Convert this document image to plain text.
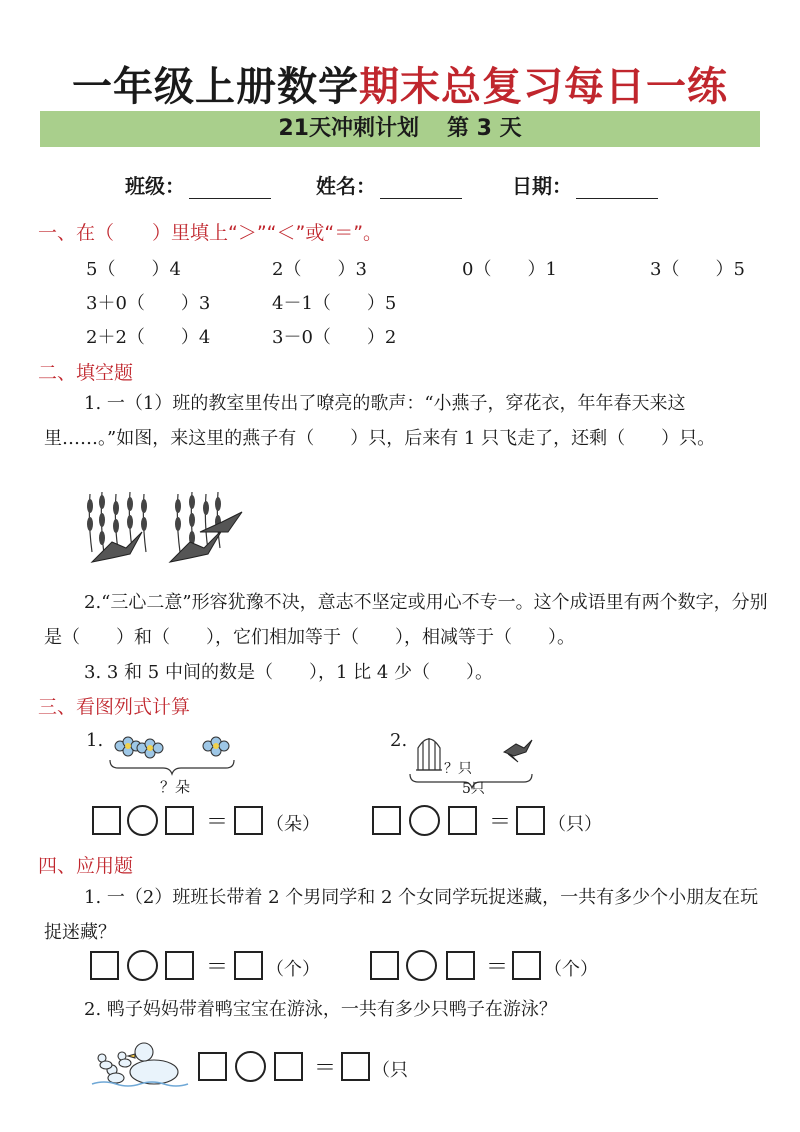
一年级上册数学期末总复习每日一练
21天冲刺计划 第 3 天
班级：	姓名：	日期：
一、在（　　）里填上“＞”“＜”或“＝”。
5（　　）4	2（　　）3	0（　　）1	3（　　）5
3＋0（　　）3	4－1（　　）5
2＋2（　　）4	3－0（　　）2
二、填空题
1. 一（1）班的教室里传出了嘹亮的歌声：“小燕子，穿花衣，年年春天来这里……。”如图，来这里的燕子有（　　）只，后来有 1 只飞走了，还剩（　　）只。
2.“三心二意”形容犹豫不决，意志不坚定或用心不专一。这个成语里有两个数字，分别是（　　）和（　　），它们相加等于（　　），相减等于（　　）。
3. 3 和 5 中间的数是（　　），1 比 4 少（　　）。
三、看图列式计算
1.
？朵
2.
？只
5只
＝ （朵）	＝ （只）
四、应用题
1. 一（2）班班长带着 2 个男同学和 2 个女同学玩捉迷藏，一共有多少个小朋友在玩捉迷藏？
＝ （个）	＝ （个）
2. 鸭子妈妈带着鸭宝宝在游泳，一共有多少只鸭子在游泳？
＝ （只
